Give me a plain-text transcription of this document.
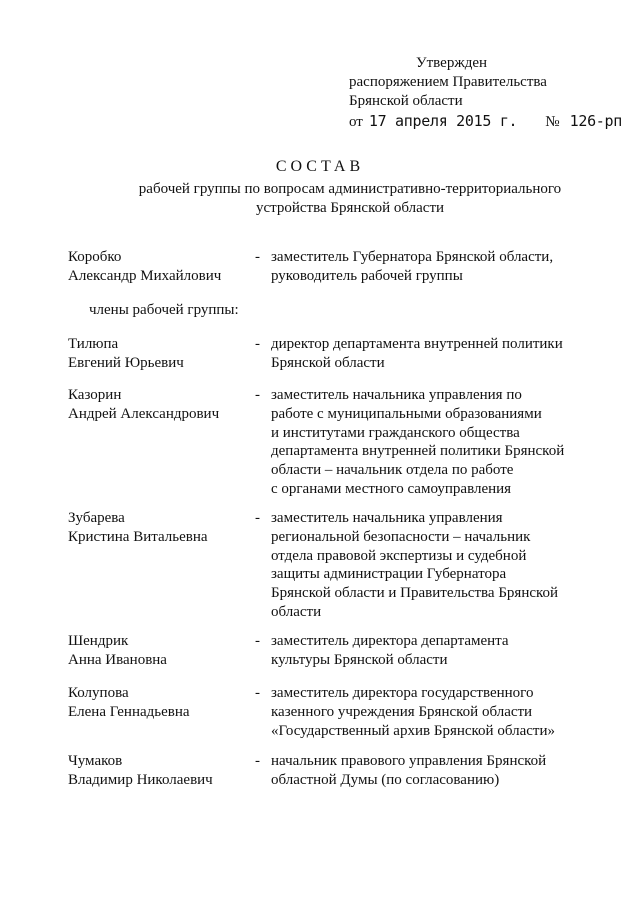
Утвержден
распоряжением Правительства
Брянской области
от 17 апреля 2015 г. № 126-рп
СОСТАВ
рабочей группы по вопросам административно-территориального
устройства Брянской области
Коробко
Александр Михайлович
- заместитель Губернатора Брянской области,
руководитель рабочей группы
члены рабочей группы:
Тилюпа
Евгений Юрьевич
- директор департамента внутренней политики
Брянской области
Казорин
Андрей Александрович
- заместитель начальника управления по
работе с муниципальными образованиями
и институтами гражданского общества
департамента внутренней политики Брянской
области – начальник отдела по работе
с органами местного самоуправления
Зубарева
Кристина Витальевна
- заместитель начальника управления
региональной безопасности – начальник
отдела правовой экспертизы и судебной
защиты администрации Губернатора
Брянской области и Правительства Брянской
области
Шендрик
Анна Ивановна
- заместитель директора департамента
культуры Брянской области
Колупова
Елена Геннадьевна
- заместитель директора государственного
казенного учреждения Брянской области
«Государственный архив Брянской области»
Чумаков
Владимир Николаевич
- начальник правового управления Брянской
областной Думы (по согласованию)
